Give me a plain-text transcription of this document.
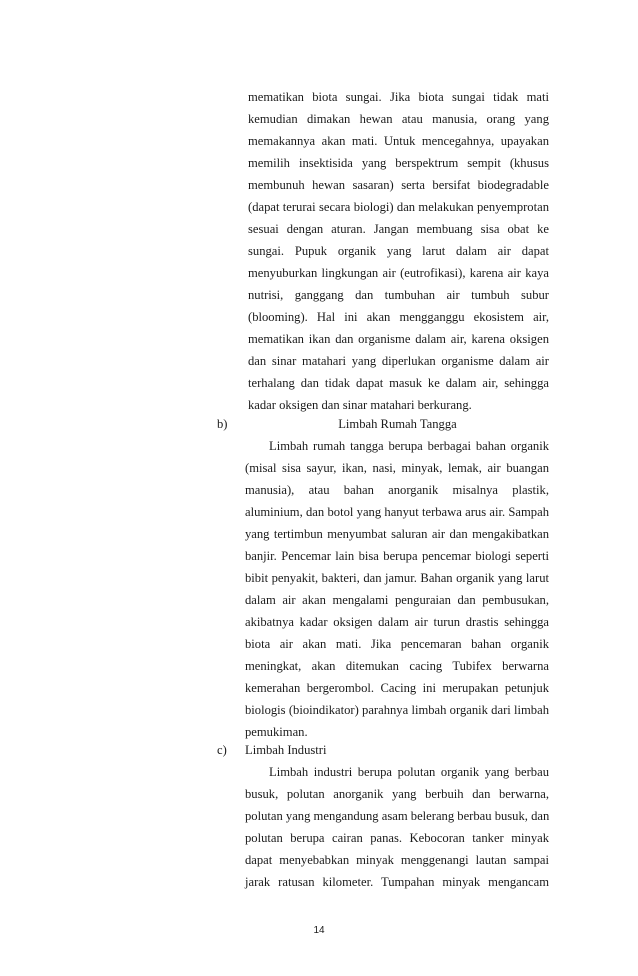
mematikan biota sungai. Jika biota sungai tidak mati
kemudian dimakan hewan atau manusia, orang yang
memakannya akan mati. Untuk mencegahnya, upayakan
memilih insektisida yang berspektrum sempit (khusus
membunuh hewan sasaran) serta bersifat biodegradable
(dapat terurai secara biologi) dan melakukan penyemprotan
sesuai dengan aturan. Jangan membuang sisa obat ke
sungai. Pupuk organik yang larut dalam air dapat
menyuburkan lingkungan air (eutrofikasi), karena air kaya
nutrisi, ganggang dan tumbuhan air tumbuh subur
(blooming). Hal ini akan mengganggu ekosistem air,
mematikan ikan dan organisme dalam air, karena oksigen
dan sinar matahari yang diperlukan organisme dalam air
terhalang dan tidak dapat masuk ke dalam air, sehingga
kadar oksigen dan sinar matahari berkurang.
b)	Limbah Rumah Tangga
Limbah rumah tangga berupa berbagai bahan organik
(misal sisa sayur, ikan, nasi, minyak, lemak, air buangan
manusia), atau bahan anorganik misalnya plastik,
aluminium, dan botol yang hanyut terbawa arus air. Sampah
yang tertimbun menyumbat saluran air dan mengakibatkan
banjir. Pencemar lain bisa berupa pencemar biologi seperti
bibit penyakit, bakteri, dan jamur. Bahan organik yang larut
dalam air akan mengalami penguraian dan pembusukan,
akibatnya kadar oksigen dalam air turun drastis sehingga
biota air akan mati. Jika pencemaran bahan organik
meningkat, akan ditemukan cacing Tubifex berwarna
kemerahan bergerombol. Cacing ini merupakan petunjuk
biologis (bioindikator) parahnya limbah organik dari limbah
pemukiman.
c) Limbah Industri
Limbah industri berupa polutan organik yang berbau
busuk, polutan anorganik yang berbuih dan berwarna,
polutan yang mengandung asam belerang berbau busuk, dan
polutan berupa cairan panas. Kebocoran tanker minyak
dapat menyebabkan minyak menggenangi lautan sampai
jarak ratusan kilometer. Tumpahan minyak mengancam
14
